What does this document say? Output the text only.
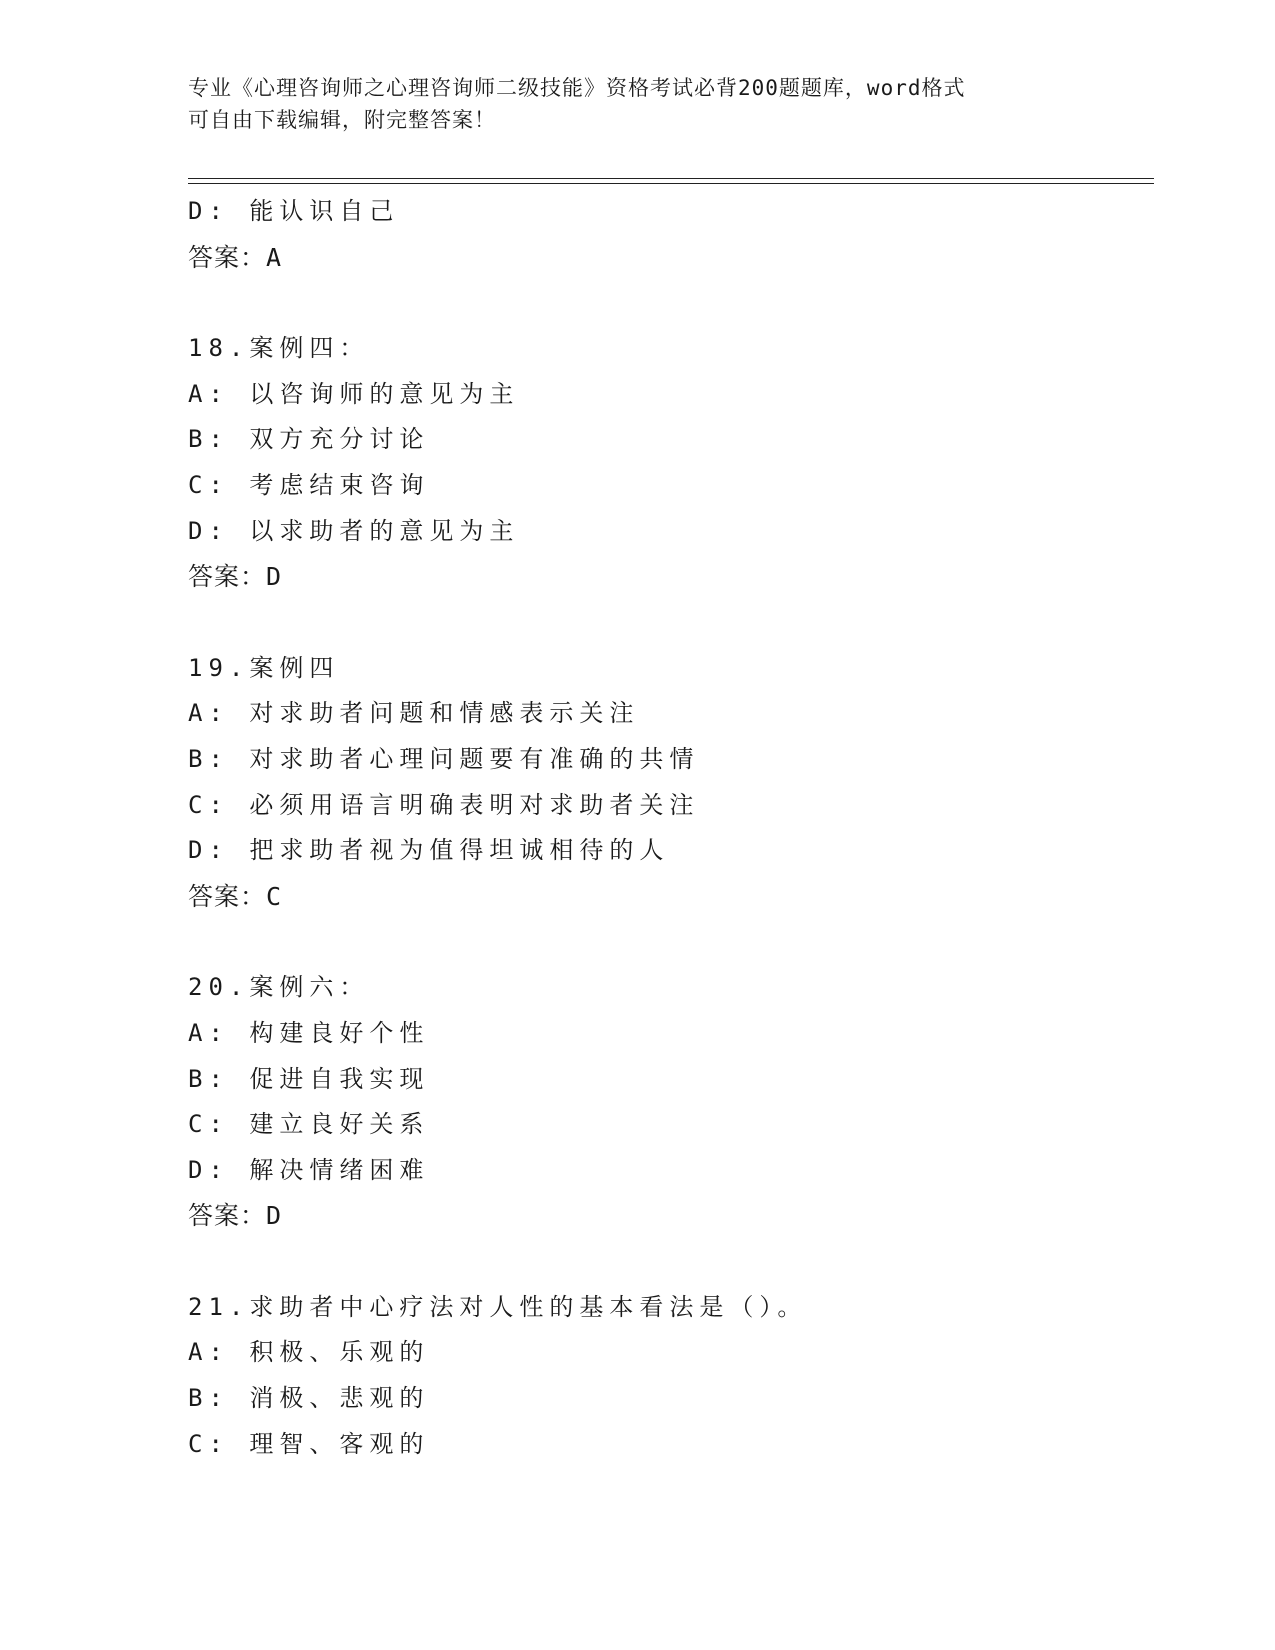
专业《心理咨询师之心理咨询师二级技能》资格考试必背200题题库，word格式
可自由下载编辑，附完整答案！
D: 能认识自己
答案：A
18.案例四：
A: 以咨询师的意见为主
B: 双方充分讨论
C: 考虑结束咨询
D: 以求助者的意见为主
答案：D
19.案例四
A: 对求助者问题和情感表示关注
B: 对求助者心理问题要有准确的共情
C: 必须用语言明确表明对求助者关注
D: 把求助者视为值得坦诚相待的人
答案：C
20.案例六：
A: 构建良好个性
B: 促进自我实现
C: 建立良好关系
D: 解决情绪困难
答案：D
21.求助者中心疗法对人性的基本看法是（）。
A: 积极、乐观的
B: 消极、悲观的
C: 理智、客观的
